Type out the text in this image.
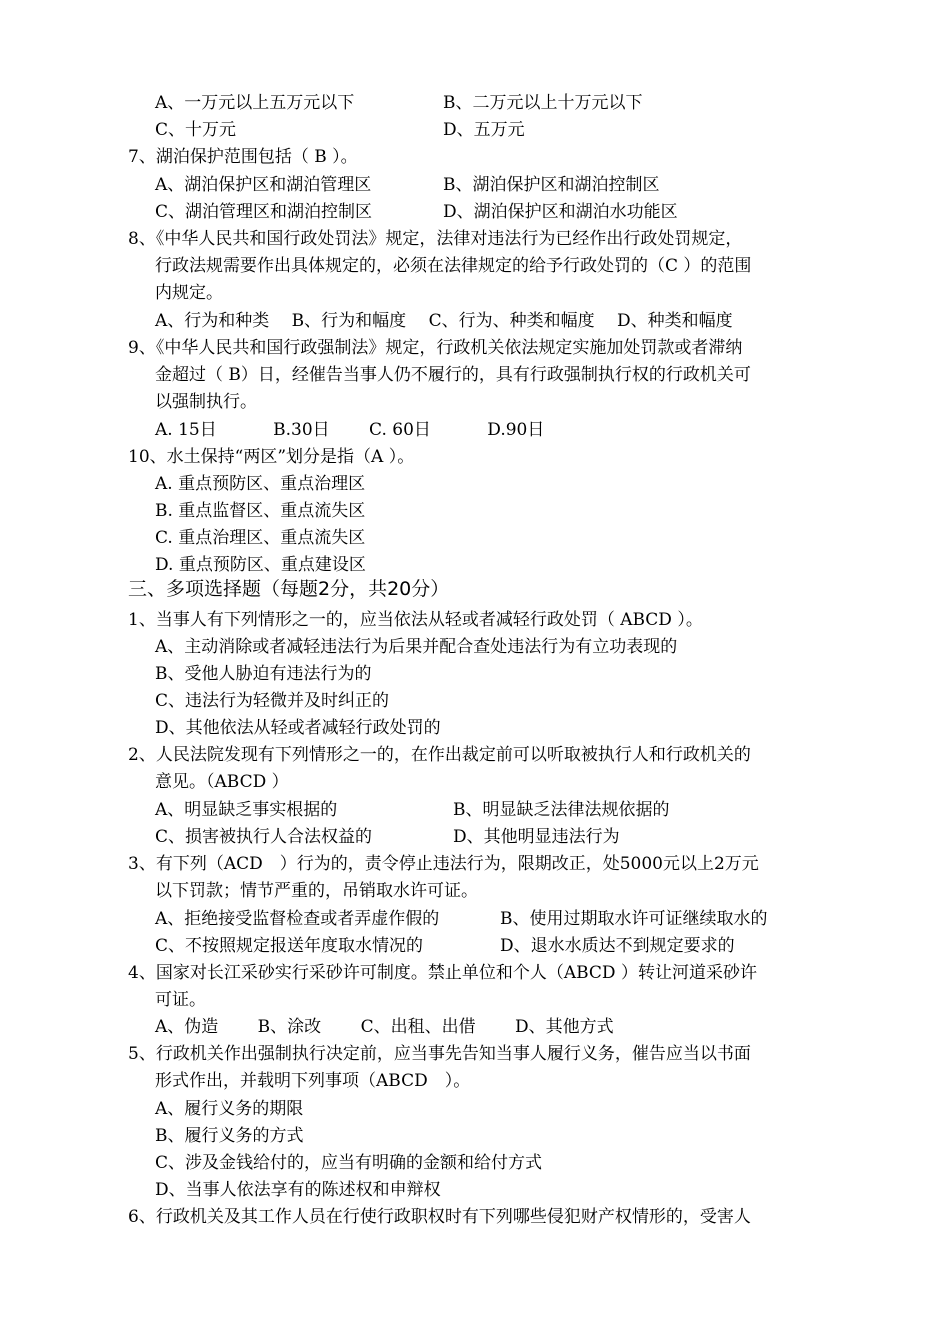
A、一万元以上五万元以下	B、二万元以上十万元以下
C、十万元	D、五万元
7、湖泊保护范围包括（ B ）。
A、湖泊保护区和湖泊管理区	B、湖泊保护区和湖泊控制区
C、湖泊管理区和湖泊控制区	D、湖泊保护区和湖泊水功能区
8、《中华人民共和国行政处罚法》规定，法律对违法行为已经作出行政处罚规定，
行政法规需要作出具体规定的，必须在法律规定的给予行政处罚的（C ）的范围
内规定。
A、行为和种类　 B、行为和幅度　 C、行为、种类和幅度　 D、种类和幅度
9、《中华人民共和国行政强制法》规定，行政机关依法规定实施加处罚款或者滞纳
金超过（ B）日，经催告当事人仍不履行的，具有行政强制执行权的行政机关可
以强制执行。
A. 15日　　　 B.30日　　 C. 60日　　　 D.90日
10、水土保持“两区”划分是指（A ）。
A. 重点预防区、重点治理区
B. 重点监督区、重点流失区
C. 重点治理区、重点流失区
D. 重点预防区、重点建设区
三、多项选择题（每题2分，共20分）
1、当事人有下列情形之一的，应当依法从轻或者减轻行政处罚（ ABCD ）。
A、主动消除或者减轻违法行为后果并配合查处违法行为有立功表现的
B、受他人胁迫有违法行为的
C、违法行为轻微并及时纠正的
D、其他依法从轻或者减轻行政处罚的
2、人民法院发现有下列情形之一的，在作出裁定前可以听取被执行人和行政机关的
意见。（ABCD ）
A、明显缺乏事实根据的	B、明显缺乏法律法规依据的
C、损害被执行人合法权益的	D、其他明显违法行为
3、有下列（ACD　）行为的，责令停止违法行为，限期改正，处5000元以上2万元
以下罚款；情节严重的，吊销取水许可证。
A、拒绝接受监督检查或者弄虚作假的	B、使用过期取水许可证继续取水的
C、不按照规定报送年度取水情况的	D、退水水质达不到规定要求的
4、国家对长江采砂实行采砂许可制度。禁止单位和个人（ABCD ）转让河道采砂许
可证。
A、伪造　　 B、涂改　　 C、出租、出借　　 D、其他方式
5、行政机关作出强制执行决定前，应当事先告知当事人履行义务，催告应当以书面
形式作出，并载明下列事项（ABCD　）。
A、履行义务的期限
B、履行义务的方式
C、涉及金钱给付的，应当有明确的金额和给付方式
D、当事人依法享有的陈述权和申辩权
6、行政机关及其工作人员在行使行政职权时有下列哪些侵犯财产权情形的，受害人
